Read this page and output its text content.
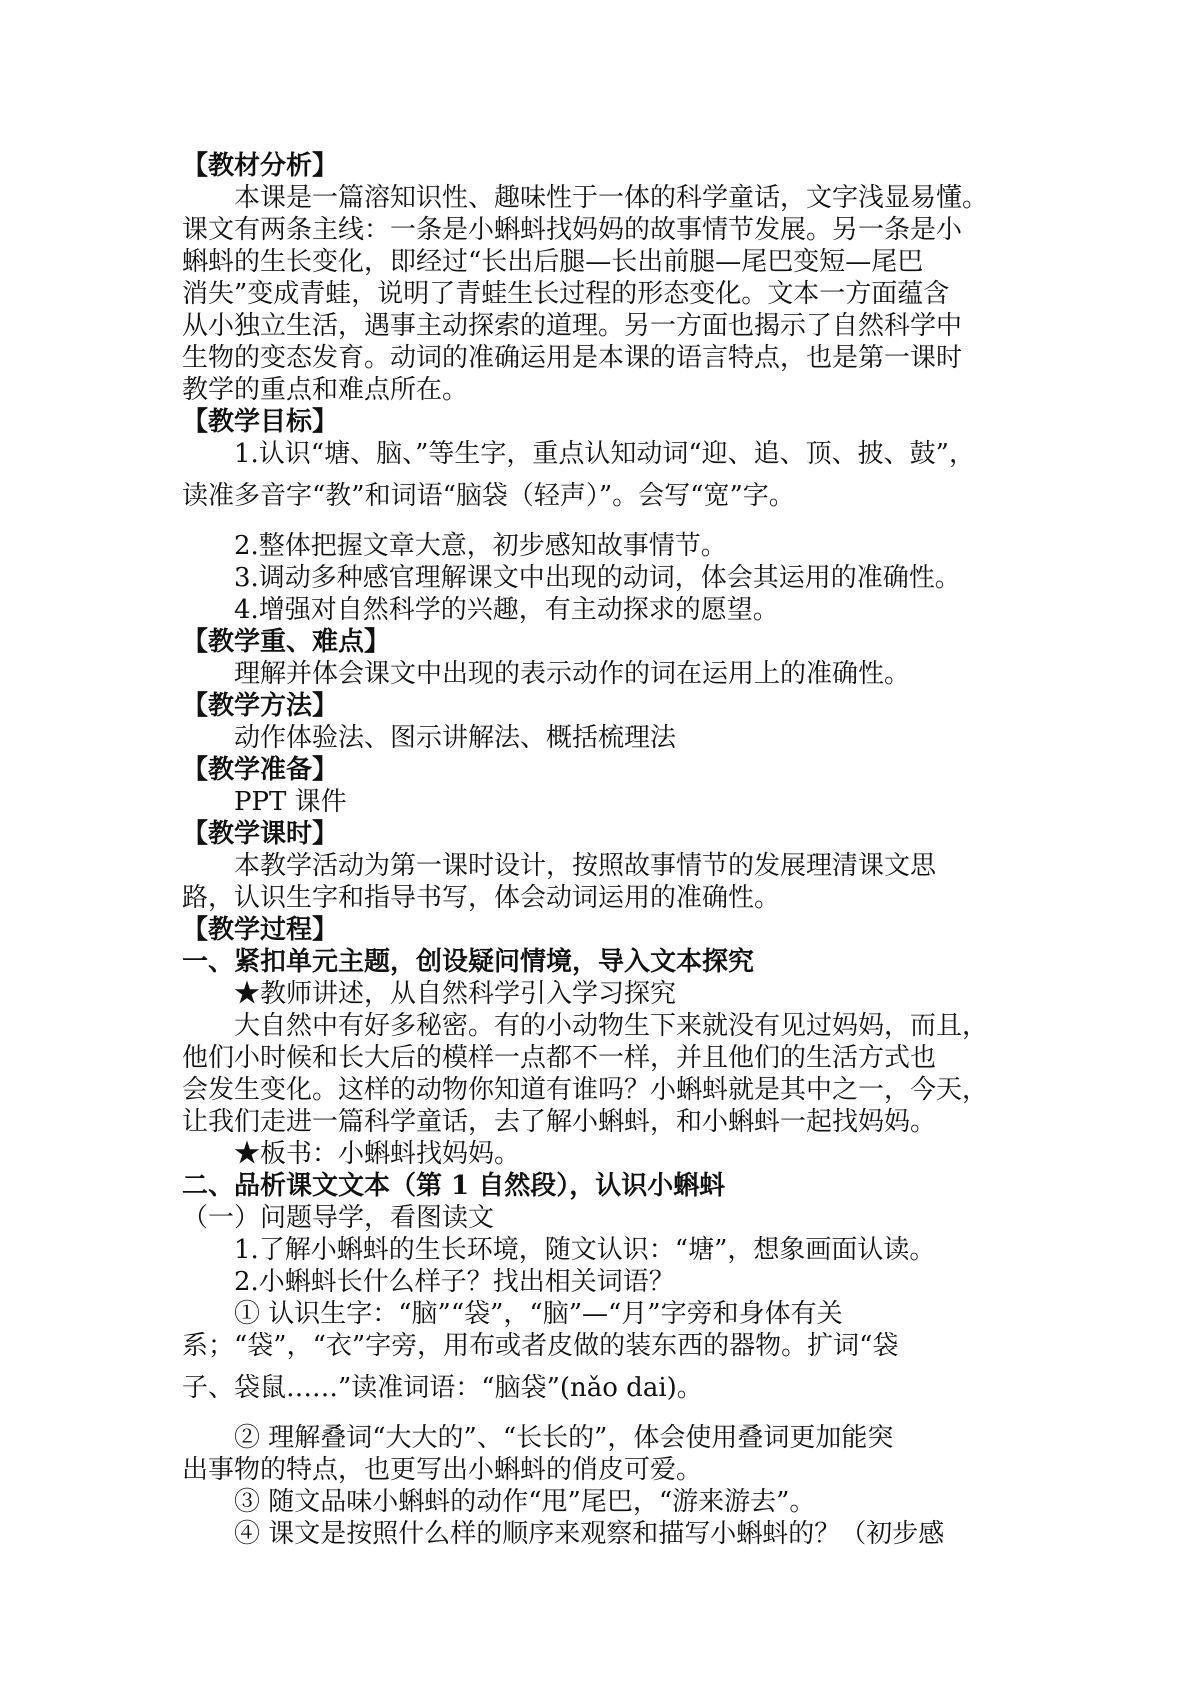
【教材分析】
本课是一篇溶知识性、趣味性于一体的科学童话，文字浅显易懂。
课文有两条主线：一条是小蝌蚪找妈妈的故事情节发展。另一条是小
蝌蚪的生长变化，即经过“长出后腿—长出前腿—尾巴变短—尾巴
消失”变成青蛙，说明了青蛙生长过程的形态变化。文本一方面蕴含
从小独立生活，遇事主动探索的道理。另一方面也揭示了自然科学中
生物的变态发育。动词的准确运用是本课的语言特点，也是第一课时
教学的重点和难点所在。
【教学目标】
1.认识“塘、脑、”等生字，重点认知动词“迎、追、顶、披、鼓”，
读准多音字“教”和词语“脑袋（轻声）”。会写“宽”字。
2.整体把握文章大意，初步感知故事情节。
3.调动多种感官理解课文中出现的动词，体会其运用的准确性。
4.增强对自然科学的兴趣，有主动探求的愿望。
【教学重、难点】
理解并体会课文中出现的表示动作的词在运用上的准确性。
【教学方法】
动作体验法、图示讲解法、概括梳理法
【教学准备】
PPT 课件
【教学课时】
本教学活动为第一课时设计，按照故事情节的发展理清课文思
路，认识生字和指导书写，体会动词运用的准确性。
【教学过程】
一、紧扣单元主题，创设疑问情境，导入文本探究
★教师讲述，从自然科学引入学习探究
大自然中有好多秘密。有的小动物生下来就没有见过妈妈，而且，
他们小时候和长大后的模样一点都不一样，并且他们的生活方式也
会发生变化。这样的动物你知道有谁吗？小蝌蚪就是其中之一，今天，
让我们走进一篇科学童话，去了解小蝌蚪，和小蝌蚪一起找妈妈。
★板书：小蝌蚪找妈妈。
二、品析课文文本（第 1 自然段），认识小蝌蚪
（一）问题导学，看图读文
1.了解小蝌蚪的生长环境，随文认识：“塘”，想象画面认读。
2.小蝌蚪长什么样子？找出相关词语？
① 认识生字：“脑”“袋”，“脑”—“月”字旁和身体有关
系；“袋”，“衣”字旁，用布或者皮做的装东西的器物。扩词“袋
子、袋鼠……”读准词语：“脑袋”(nǎo dai)。
② 理解叠词“大大的”、“长长的”，体会使用叠词更加能突
出事物的特点，也更写出小蝌蚪的俏皮可爱。
③ 随文品味小蝌蚪的动作“甩”尾巴，“游来游去”。
④ 课文是按照什么样的顺序来观察和描写小蝌蚪的？（初步感
